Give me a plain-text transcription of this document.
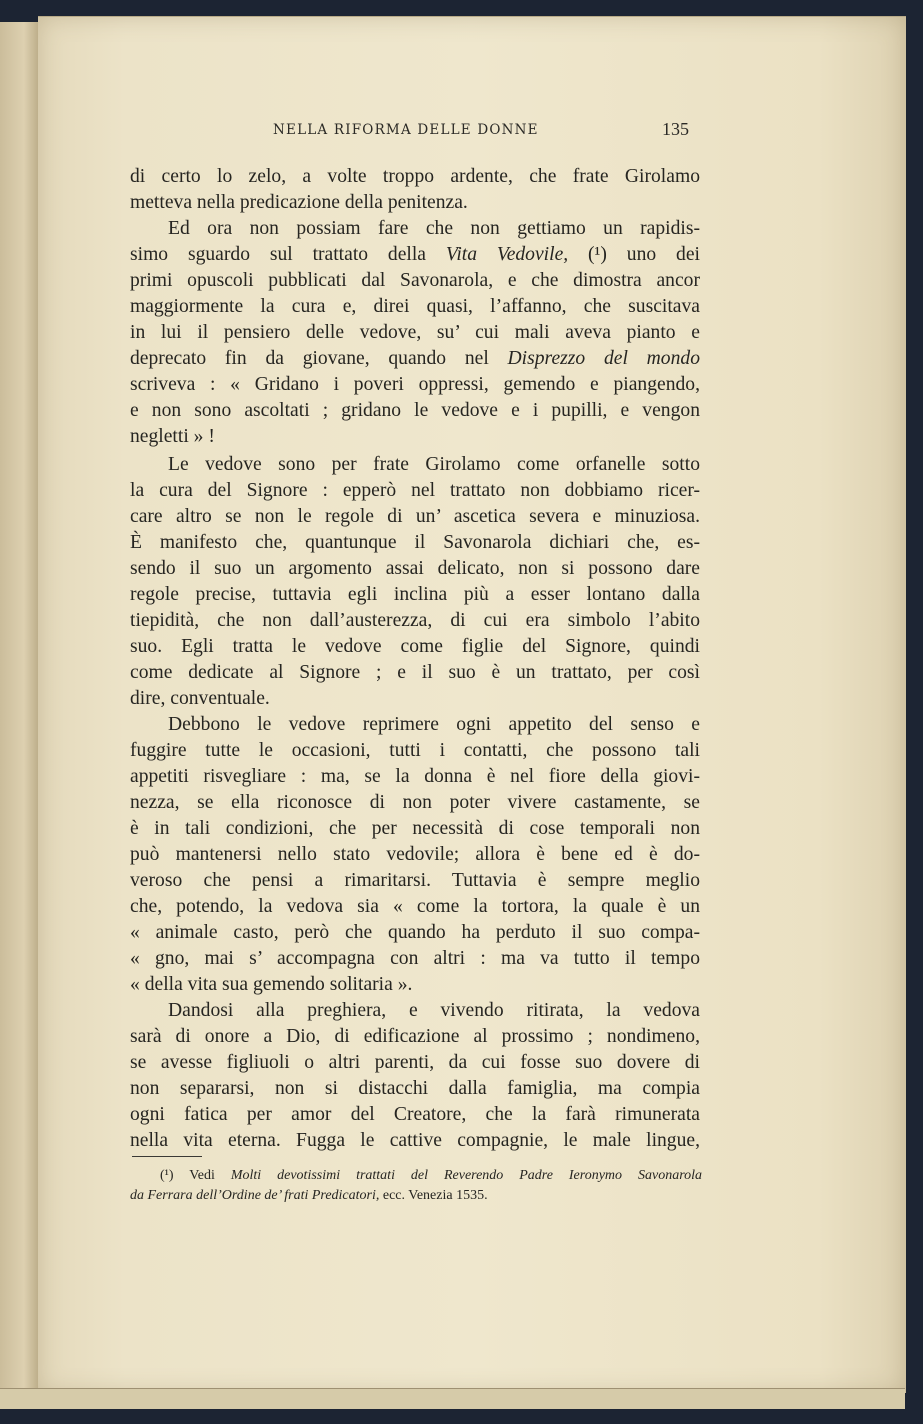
NELLA RIFORMA DELLE DONNE	135
di certo lo zelo, a volte troppo ardente, che frate Girolamo
metteva nella predicazione della penitenza.
Ed ora non possiam fare che non gettiamo un rapidis-
simo sguardo sul trattato della Vita Vedovile, (¹) uno dei
primi opuscoli pubblicati dal Savonarola, e che dimostra ancor
maggiormente la cura e, direi quasi, l’affanno, che suscitava
in lui il pensiero delle vedove, su’ cui mali aveva pianto e
deprecato fin da giovane, quando nel Disprezzo del mondo
scriveva : « Gridano i poveri oppressi, gemendo e piangendo,
e non sono ascoltati ; gridano le vedove e i pupilli, e vengon
negletti » !
Le vedove sono per frate Girolamo come orfanelle sotto
la cura del Signore : epperò nel trattato non dobbiamo ricer-
care altro se non le regole di un’ ascetica severa e minuziosa.
È manifesto che, quantunque il Savonarola dichiari che, es-
sendo il suo un argomento assai delicato, non si possono dare
regole precise, tuttavia egli inclina più a esser lontano dalla
tiepidità, che non dall’austerezza, di cui era simbolo l’abito
suo. Egli tratta le vedove come figlie del Signore, quindi
come dedicate al Signore ; e il suo è un trattato, per così
dire, conventuale.
Debbono le vedove reprimere ogni appetito del senso e
fuggire tutte le occasioni, tutti i contatti, che possono tali
appetiti risvegliare : ma, se la donna è nel fiore della giovi-
nezza, se ella riconosce di non poter vivere castamente, se
è in tali condizioni, che per necessità di cose temporali non
può mantenersi nello stato vedovile; allora è bene ed è do-
veroso che pensi a rimaritarsi. Tuttavia è sempre meglio
che, potendo, la vedova sia « come la tortora, la quale è un
« animale casto, però che quando ha perduto il suo compa-
« gno, mai s’ accompagna con altri : ma va tutto il tempo
« della vita sua gemendo solitaria ».
Dandosi alla preghiera, e vivendo ritirata, la vedova
sarà di onore a Dio, di edificazione al prossimo ; nondimeno,
se avesse figliuoli o altri parenti, da cui fosse suo dovere di
non separarsi, non si distacchi dalla famiglia, ma compia
ogni fatica per amor del Creatore, che la farà rimunerata
nella vita eterna. Fugga le cattive compagnie, le male lingue,
(¹) Vedi Molti devotissimi trattati del Reverendo Padre Ieronymo Savonarola
da Ferrara dell’Ordine de’ frati Predicatori, ecc. Venezia 1535.
